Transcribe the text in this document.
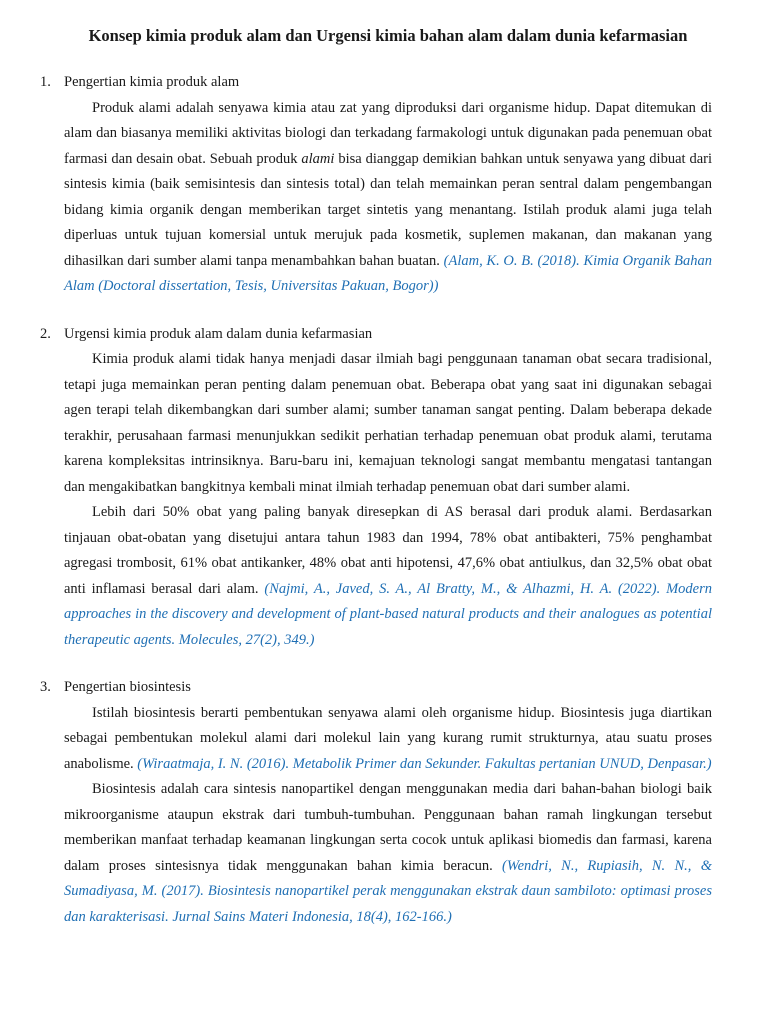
Konsep kimia produk alam dan Urgensi kimia bahan alam dalam dunia kefarmasian

1. Pengertian kimia produk alam

Produk alami adalah senyawa kimia atau zat yang diproduksi dari organisme hidup. Dapat ditemukan di alam dan biasanya memiliki aktivitas biologi dan terkadang farmakologi untuk digunakan pada penemuan obat farmasi dan desain obat. Sebuah produk alami bisa dianggap demikian bahkan untuk senyawa yang dibuat dari sintesis kimia (baik semisintesis dan sintesis total) dan telah memainkan peran sentral dalam pengembangan bidang kimia organik dengan memberikan target sintetis yang menantang. Istilah produk alami juga telah diperluas untuk tujuan komersial untuk merujuk pada kosmetik, suplemen makanan, dan makanan yang dihasilkan dari sumber alami tanpa menambahkan bahan buatan. (Alam, K. O. B. (2018). Kimia Organik Bahan Alam (Doctoral dissertation, Tesis, Universitas Pakuan, Bogor))

2. Urgensi kimia produk alam dalam dunia kefarmasian

Kimia produk alami tidak hanya menjadi dasar ilmiah bagi penggunaan tanaman obat secara tradisional, tetapi juga memainkan peran penting dalam penemuan obat. Beberapa obat yang saat ini digunakan sebagai agen terapi telah dikembangkan dari sumber alami; sumber tanaman sangat penting. Dalam beberapa dekade terakhir, perusahaan farmasi menunjukkan sedikit perhatian terhadap penemuan obat produk alami, terutama karena kompleksitas intrinsiknya. Baru-baru ini, kemajuan teknologi sangat membantu mengatasi tantangan dan mengakibatkan bangkitnya kembali minat ilmiah terhadap penemuan obat dari sumber alami.

Lebih dari 50% obat yang paling banyak diresepkan di AS berasal dari produk alami. Berdasarkan tinjauan obat-obatan yang disetujui antara tahun 1983 dan 1994, 78% obat antibakteri, 75% penghambat agregasi trombosit, 61% obat antikanker, 48% obat anti hipotensi, 47,6% obat antiulkus, dan 32,5% obat obat anti inflamasi berasal dari alam. (Najmi, A., Javed, S. A., Al Bratty, M., & Alhazmi, H. A. (2022). Modern approaches in the discovery and development of plant-based natural products and their analogues as potential therapeutic agents. Molecules, 27(2), 349.)

3. Pengertian biosintesis

Istilah biosintesis berarti pembentukan senyawa alami oleh organisme hidup. Biosintesis juga diartikan sebagai pembentukan molekul alami dari molekul lain yang kurang rumit strukturnya, atau suatu proses anabolisme. (Wiraatmaja, I. N. (2016). Metabolik Primer dan Sekunder. Fakultas pertanian UNUD, Denpasar.)

Biosintesis adalah cara sintesis nanopartikel dengan menggunakan media dari bahan-bahan biologi baik mikroorganisme ataupun ekstrak dari tumbuh-tumbuhan. Penggunaan bahan ramah lingkungan tersebut memberikan manfaat terhadap keamanan lingkungan serta cocok untuk aplikasi biomedis dan farmasi, karena dalam proses sintesisnya tidak menggunakan bahan kimia beracun. (Wendri, N., Rupiasih, N. N., & Sumadiyasa, M. (2017). Biosintesis nanopartikel perak menggunakan ekstrak daun sambiloto: optimasi proses dan karakterisasi. Jurnal Sains Materi Indonesia, 18(4), 162-166.)
